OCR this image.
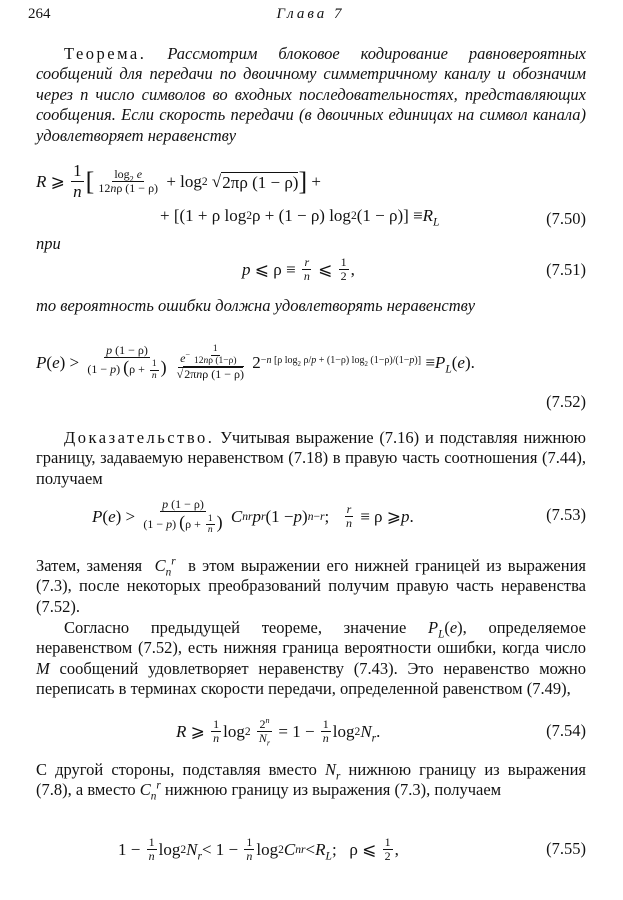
264	Глава 7

Теорема. Рассмотрим блоковое кодирование равновероятных сообщений для передачи по двоичному симметричному каналу и обозначим через n число символов во входных последовательностях, представляющих сообщения. Если скорость передачи (в двоичных единицах на символ канала) удовлетворяет неравенству

R ⩾ $\frac{1}{n}$ [ $\frac{\log_2 e}{12n\rho (1 - \rho)} + \log 2$
√ 2πρ (1 − ρ) ] +
+ [(1 + ρ log 2 ρ + (1 − ρ) log 2 $(1 - \rho)] \equiv R_L$	(7.50)
при
p ⩽ $\rho \equiv \frac{r}{n}$ ⩽ $\frac{1}{2}$ ,	(7.51)

то вероятность ошибки должна удовлетворять неравенству

P ( e ) > $\frac{p (1 - \rho)}{(1 - p) (\rho + \frac{1}{n} )} e^{- \frac{1}{12n\rho (1-\rho)}}$
√2πnρ (1 − ρ) 2 −n [ρ $\log_2 \rho/p + (1-\rho)$ $\log_2 (1-\rho)/(1-p)] \equiv P_L$ ( e ).
(7.52)

Доказательство. Учитывая выражение (7.16) и подставляя нижнюю границу, задаваемую неравенством (7.18) в правую часть соотношения (7.44), получаем

P ( e ) > $\frac{p (1 - \rho)}{(1 - p) (\rho + \frac{1}{n} )}$
C n r p r (1 − p ) n−r ; $\frac{r}{n} \equiv \rho$ ⩾ p .	(7.53)

Затем, заменяя $C_n^r$ в этом выражении его нижней границей из выражения (7.3), после некоторых преобразований получим правую часть неравенства (7.52).

Согласно предыдущей теореме, значение $P_L(e)$, определяемое неравенством (7.52), есть нижняя граница вероятности ошибки, когда число M сообщений удовлетворяет неравенству (7.43). Это неравенство можно переписать в терминах скорости передачи, определенной равенством (7.49),

R ⩾ $\frac{1}{n}$ log 2
$\frac{2^n}{N_r} = 1 - \frac{1}{n}$ log 2 $N_r$ .	(7.54)

С другой стороны, подставляя вместо $N_r$ нижнюю границу из выражения (7.8), а вместо $C_n^r$ нижнюю границу из выражения (7.3), получаем

$1 - \frac{1}{n}$ log 2 $N_r < 1 - \frac{1}{n}$ log 2 C n $r < R_L$ ;   ρ ⩽ $\frac{1}{2}$ ,	(7.55)
